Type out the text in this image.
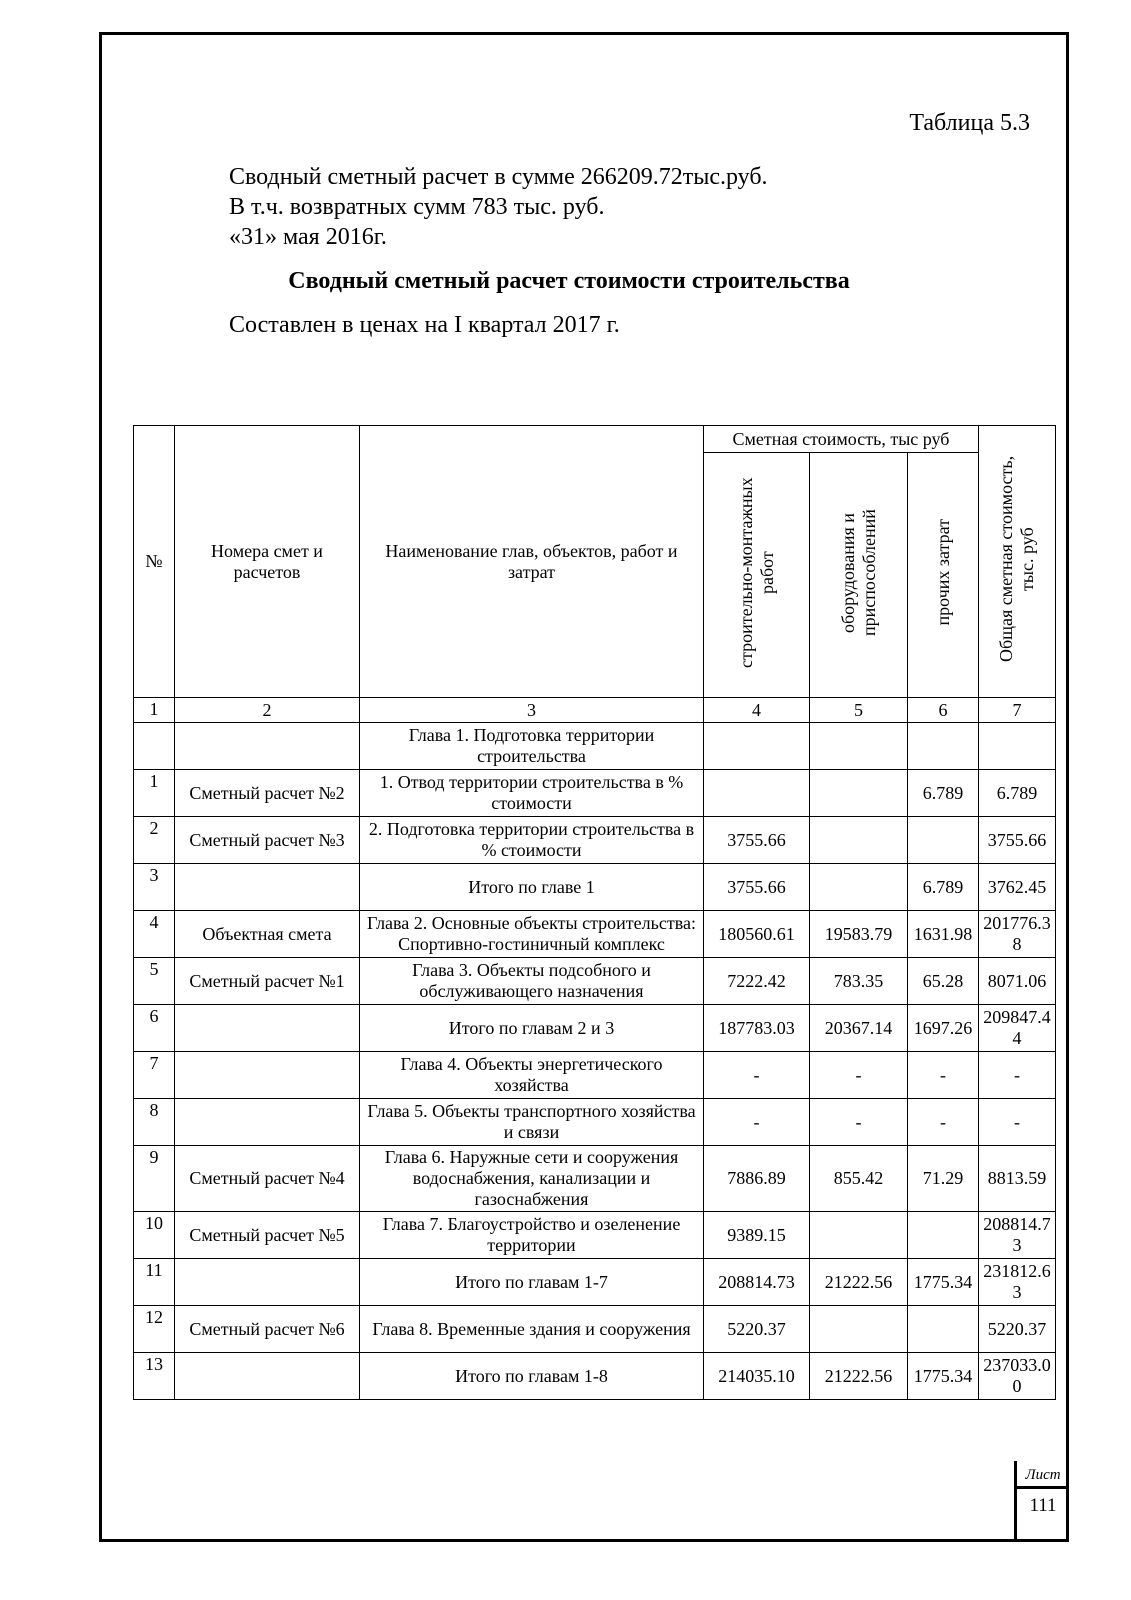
Таблица 5.3
Сводный сметный расчет в сумме 266209.72тыс.руб.
В т.ч. возвратных сумм 783 тыс. руб.
«31» мая 2016г.
Сводный сметный расчет стоимости строительства
Составлен в ценах на I квартал 2017 г.
№	Номера смет и расчетов	Наименование глав, объектов, работ и затрат	Сметная стоимость, тыс руб			Общая сметная стоимость, тыс. руб
			строительно-монтажных работ	оборудования и приспособлений	прочих затрат	
1	2	3	4	5	6	7
		Глава 1. Подготовка территории строительства				
1	Сметный расчет №2	1. Отвод территории строительства в % стоимости			6.789	6.789
2	Сметный расчет №3	2. Подготовка территории строительства в % стоимости	3755.66			3755.66
3		Итого по главе 1	3755.66		6.789	3762.45
4	Объектная смета	Глава 2. Основные объекты строительства: Спортивно-гостиничный комплекс	180560.61	19583.79	1631.98	201776.38
5	Сметный расчет №1	Глава 3. Объекты подсобного и обслуживающего назначения	7222.42	783.35	65.28	8071.06
6		Итого по главам 2 и 3	187783.03	20367.14	1697.26	209847.44
7		Глава 4. Объекты энергетического хозяйства	-	-	-	-
8		Глава 5. Объекты транспортного хозяйства и связи	-	-	-	-
9	Сметный расчет №4	Глава 6. Наружные сети и сооружения водоснабжения, канализации и газоснабжения	7886.89	855.42	71.29	8813.59
10	Сметный расчет №5	Глава 7. Благоустройство и озеленение территории	9389.15			208814.73
11		Итого по главам 1-7	208814.73	21222.56	1775.34	231812.63
12	Сметный расчет №6	Глава 8. Временные здания и сооружения	5220.37			5220.37
13		Итого по главам 1-8	214035.10	21222.56	1775.34	237033.00
Лист
111
